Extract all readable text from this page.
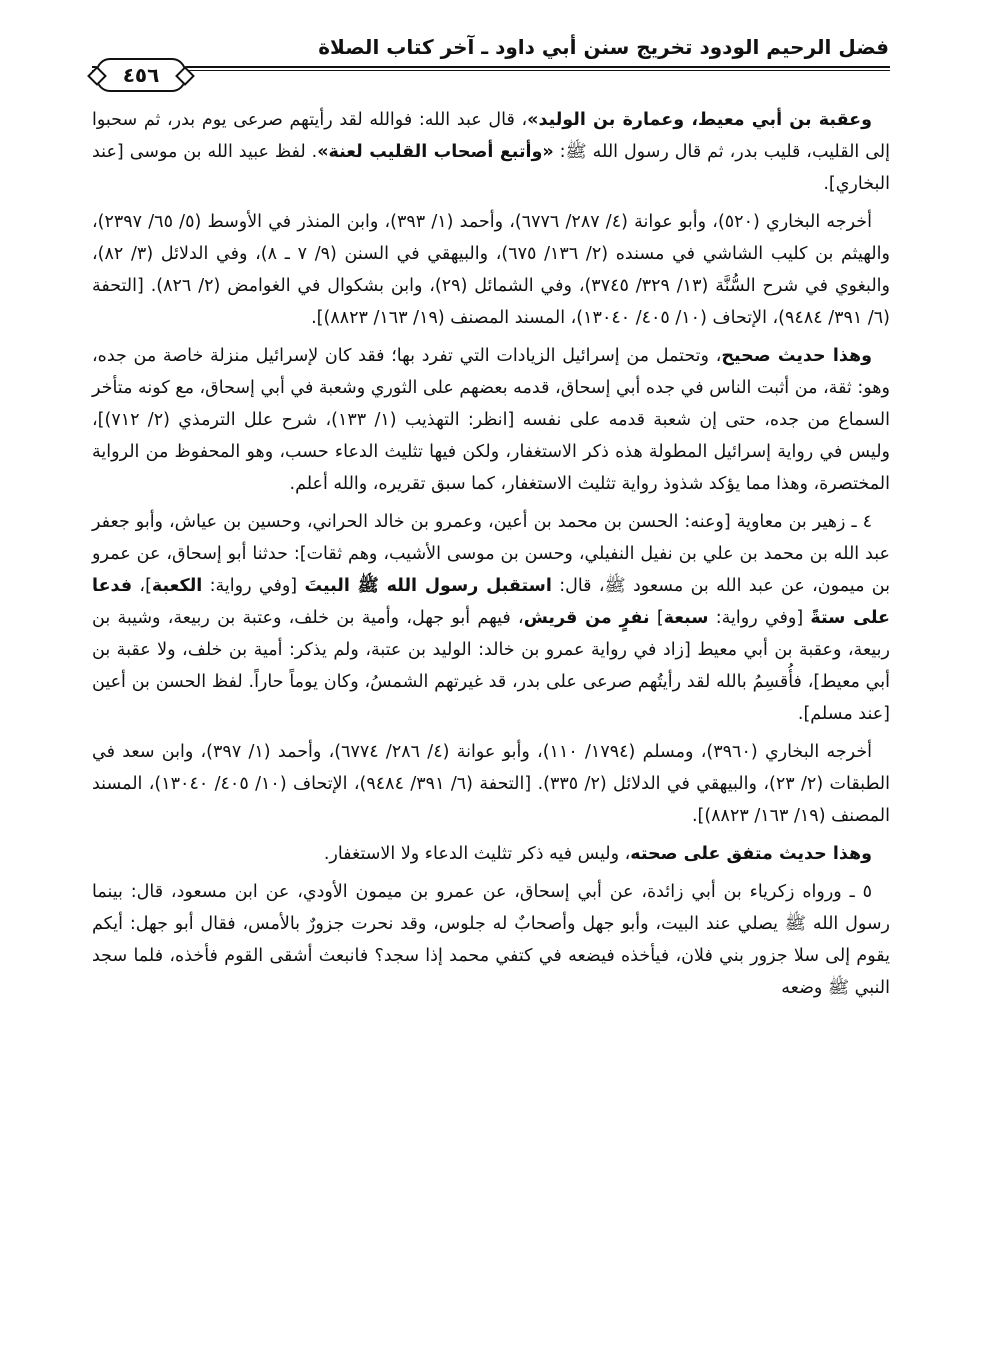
فضل الرحيم الودود تخريج سنن أبي داود ـ آخر كتاب الصلاة
٤٥٦

وعقبة بن أبي معيط، وعمارة بن الوليد»، قال عبد الله: فوالله لقد رأيتهم صرعى يوم بدر، ثم سحبوا إلى القليب، قليب بدر، ثم قال رسول الله ﷺ: «وأتبع أصحاب القليب لعنة». لفظ عبيد الله بن موسى [عند البخاري].

أخرجه البخاري (٥٢٠)، وأبو عوانة (٤/ ٢٨٧/ ٦٧٧٦)، وأحمد (١/ ٣٩٣)، وابن المنذر في الأوسط (٥/ ٦٥/ ٢٣٩٧)، والهيثم بن كليب الشاشي في مسنده (٢/ ١٣٦/ ٦٧٥)، والبيهقي في السنن (٩/ ٧ ـ ٨)، وفي الدلائل (٣/ ٨٢)، والبغوي في شرح السُّنَّة (١٣/ ٣٢٩/ ٣٧٤٥)، وفي الشمائل (٢٩)، وابن بشكوال في الغوامض (٢/ ٨٢٦). [التحفة (٦/ ٣٩١/ ٩٤٨٤)، الإتحاف (١٠/ ٤٠٥/ ١٣٠٤٠)، المسند المصنف (١٩/ ١٦٣/ ٨٨٢٣)].

وهذا حديث صحيح، وتحتمل من إسرائيل الزيادات التي تفرد بها؛ فقد كان لإسرائيل منزلة خاصة من جده، وهو: ثقة، من أثبت الناس في جده أبي إسحاق، قدمه بعضهم على الثوري وشعبة في أبي إسحاق، مع كونه متأخر السماع من جده، حتى إن شعبة قدمه على نفسه [انظر: التهذيب (١/ ١٣٣)، شرح علل الترمذي (٢/ ٧١٢)]، وليس في رواية إسرائيل المطولة هذه ذكر الاستغفار، ولكن فيها تثليث الدعاء حسب، وهو المحفوظ من الرواية المختصرة، وهذا مما يؤكد شذوذ رواية تثليث الاستغفار، كما سبق تقريره، والله أعلم.

٤ ـ زهير بن معاوية [وعنه: الحسن بن محمد بن أعين، وعمرو بن خالد الحراني، وحسين بن عياش، وأبو جعفر عبد الله بن محمد بن علي بن نفيل النفيلي، وحسن بن موسى الأشيب، وهم ثقات]: حدثنا أبو إسحاق، عن عمرو بن ميمون، عن عبد الله بن مسعود ﷺ، قال: استقبل رسول الله ﷺ البيتَ [وفي رواية: الكعبة]، فدعا على ستةً [وفي رواية: سبعة] نفرٍ من قريش، فيهم أبو جهل، وأمية بن خلف، وعتبة بن ربيعة، وشيبة بن ربيعة، وعقبة بن أبي معيط [زاد في رواية عمرو بن خالد: الوليد بن عتبة، ولم يذكر: أمية بن خلف، ولا عقبة بن أبي معيط]، فأُقسِمُ بالله لقد رأيتُهم صرعى على بدر، قد غيرتهم الشمسُ، وكان يوماً حاراً. لفظ الحسن بن أعين [عند مسلم].

أخرجه البخاري (٣٩٦٠)، ومسلم (١٧٩٤/ ١١٠)، وأبو عوانة (٤/ ٢٨٦/ ٦٧٧٤)، وأحمد (١/ ٣٩٧)، وابن سعد في الطبقات (٢/ ٢٣)، والبيهقي في الدلائل (٢/ ٣٣٥). [التحفة (٦/ ٣٩١/ ٩٤٨٤)، الإتحاف (١٠/ ٤٠٥/ ١٣٠٤٠)، المسند المصنف (١٩/ ١٦٣/ ٨٨٢٣)].

وهذا حديث متفق على صحته، وليس فيه ذكر تثليث الدعاء ولا الاستغفار.

٥ ـ ورواه زكرياء بن أبي زائدة، عن أبي إسحاق، عن عمرو بن ميمون الأودي، عن ابن مسعود، قال: بينما رسول الله ﷺ يصلي عند البيت، وأبو جهل وأصحابٌ له جلوس، وقد نحرت جزورٌ بالأمس، فقال أبو جهل: أيكم يقوم إلى سلا جزور بني فلان، فيأخذه فيضعه في كتفي محمد إذا سجد؟ فانبعث أشقى القوم فأخذه، فلما سجد النبي ﷺ وضعه
